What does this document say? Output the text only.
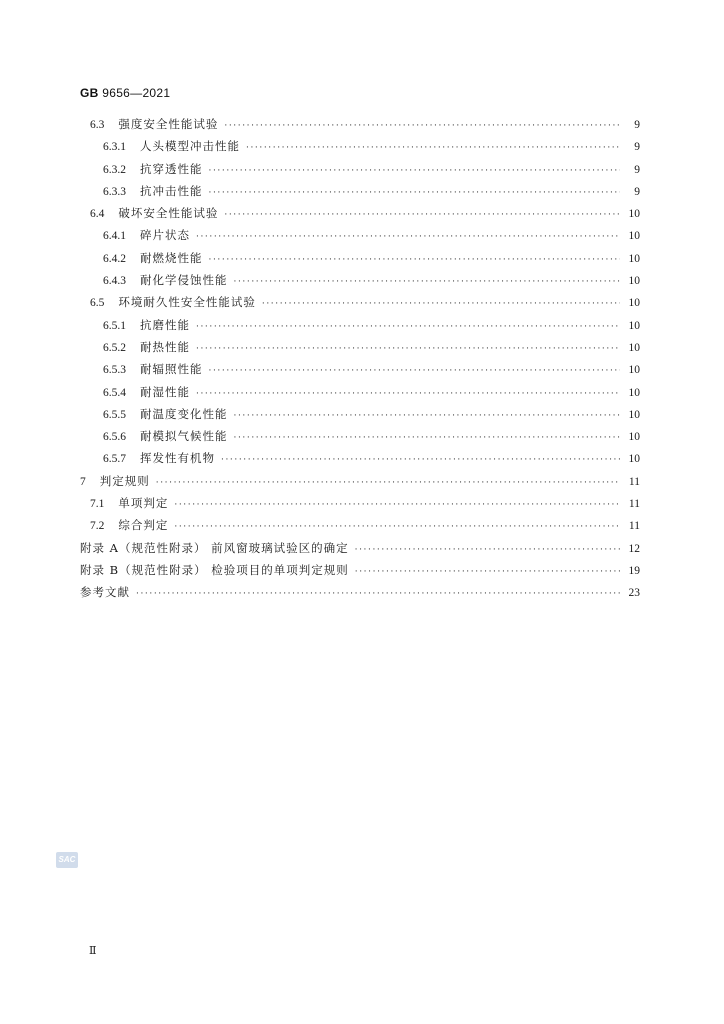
GB 9656—2021
6.3 强度安全性能试验 ·····	9
6.3.1 人头模型冲击性能 ·····	9
6.3.2 抗穿透性能 ·····	9
6.3.3 抗冲击性能 ·····	9
6.4 破坏安全性能试验 ·····	10
6.4.1 碎片状态 ·····	10
6.4.2 耐燃烧性能 ·····	10
6.4.3 耐化学侵蚀性能 ·····	10
6.5 环境耐久性安全性能试验 ·····	10
6.5.1 抗磨性能 ·····	10
6.5.2 耐热性能 ·····	10
6.5.3 耐辐照性能 ·····	10
6.5.4 耐湿性能 ·····	10
6.5.5 耐温度变化性能 ·····	10
6.5.6 耐模拟气候性能 ·····	10
6.5.7 挥发性有机物 ·····	10
7 判定规则 ·····	11
7.1 单项判定 ·····	11
7.2 综合判定 ·····	11
附录 A（规范性附录） 前风窗玻璃试验区的确定 ·····	12
附录 B（规范性附录） 检验项目的单项判定规则 ·····	19
参考文献 ·····	23
SAC
Ⅱ
